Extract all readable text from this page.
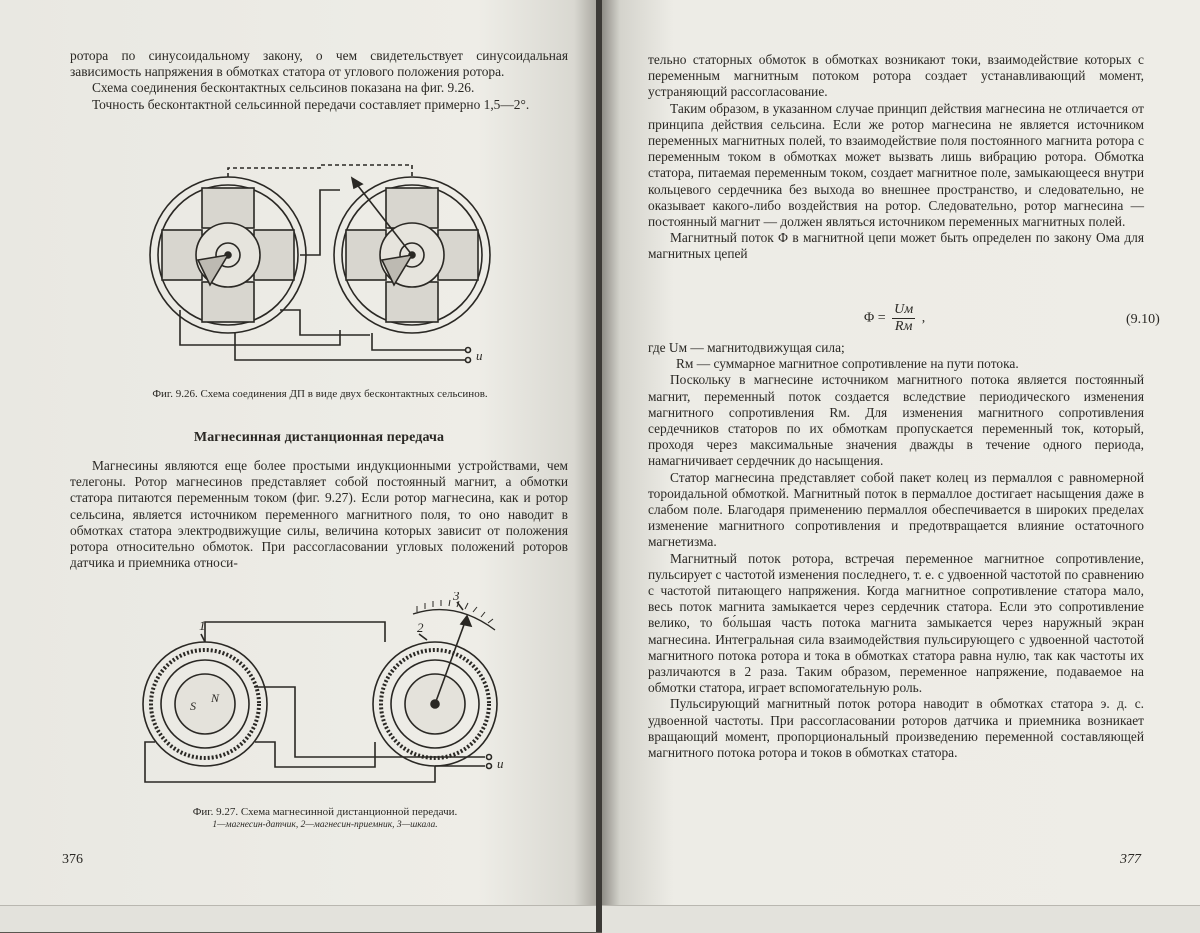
ротора по синусоидальному закону, о чем свидетельствует синусоидальная зависимость напряжения в обмотках статора от углового положения ротора.

Схема соединения бесконтактных сельсинов показана на фиг. 9.26.

Точность бесконтактной сельсинной передачи составляет примерно 1,5—2°.

u
Фиг. 9.26. Схема соединения ДП в виде двух бесконтактных сельсинов.
Магнесинная дистанционная передача

Магнесины являются еще более простыми индукционными устройствами, чем телегоны. Ротор магнесинов представляет собой постоянный магнит, а обмотки статора питаются переменным током (фиг. 9.27). Если ротор магнесина, как и ротор сельсина, является источником переменного магнитного поля, то оно наводит в обмотках статора электродвижущие силы, величина которых зависит от положения ротора относительно обмоток. При рассогласовании угловых положений роторов датчика и приемника относи-

1	2
3
S
N
u
Фиг. 9.27. Схема магнесинной дистанционной передачи.
1—магнесин-датчик, 2—магнесин-приемник, 3—шкала.
376

тельно статорных обмоток в обмотках возникают токи, взаимодействие которых с переменным магнитным потоком ротора создает устанавливающий момент, устраняющий рассогласование.

Таким образом, в указанном случае принцип действия магнесина не отличается от принципа действия сельсина. Если же ротор магнесина не является источником переменных магнитных полей, то взаимодействие поля постоянного магнита ротора с переменным током в обмотках может вызвать лишь вибрацию ротора. Обмотка статора, питаемая переменным током, создает магнитное поле, замыкающееся внутри кольцевого сердечника без выхода во внешнее пространство, и следовательно, не оказывает какого-либо воздействия на ротор. Следовательно, ротор магнесина — постоянный магнит — должен являться источником переменных магнитных полей.

Магнитный поток Φ в магнитной цепи может быть определен по закону Ома для магнитных цепей

$\Phi = \frac{Uм}{Rм}$ ,	(9.10)

где Uм — магнитодвижущая сила;

Rм — суммарное магнитное сопротивление на пути потока.

Поскольку в магнесине источником магнитного потока является постоянный магнит, переменный поток создается вследствие периодического изменения магнитного сопротивления Rм. Для изменения магнитного сопротивления сердечников статоров по их обмоткам пропускается переменный ток, который, проходя через максимальные значения дважды в течение одного периода, намагничивает сердечник до насыщения.

Статор магнесина представляет собой пакет колец из пермаллоя с равномерной тороидальной обмоткой. Магнитный поток в пермаллое достигает насыщения даже в слабом поле. Благодаря применению пермаллоя обеспечивается в широких пределах изменение магнитного сопротивления и предотвращается влияние остаточного магнетизма.

Магнитный поток ротора, встречая переменное магнитное сопротивление, пульсирует с частотой изменения последнего, т. е. с удвоенной частотой по сравнению с частотой питающего напряжения. Когда магнитное сопротивление статора мало, весь поток магнита замыкается через сердечник статора. Если это сопротивление велико, то бо́льшая часть потока магнита замыкается через наружный экран магнесина. Интегральная сила взаимодействия пульсирующего с удвоенной частотой магнитного потока ротора и тока в обмотках статора равна нулю, так как частоты их различаются в 2 раза. Таким образом, переменное напряжение, подаваемое на обмотки статора, играет вспомогательную роль.

Пульсирующий магнитный поток ротора наводит в обмотках статора э. д. с. удвоенной частоты. При рассогласовании роторов датчика и приемника возникает вращающий момент, пропорциональный произведению переменной составляющей магнитного потока ротора и токов в обмотках статора.

377
